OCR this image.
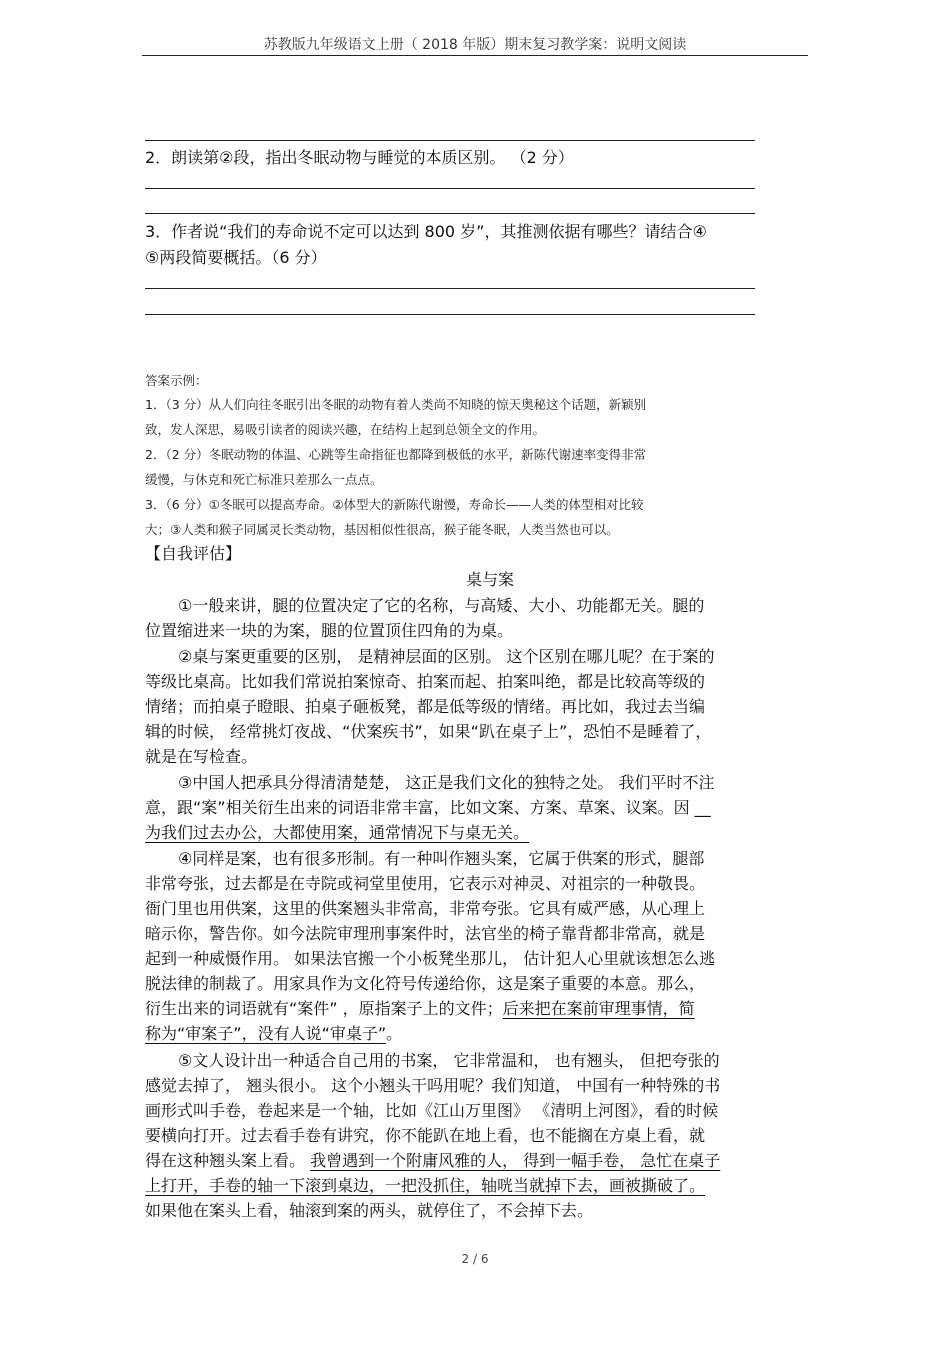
苏教版九年级语文上册（ 2018 年版）期末复习教学案：说明文阅读
2．朗读第②段，指出冬眠动物与睡觉的本质区别。 （2 分）
3．作者说“我们的寿命说不定可以达到 800 岁”，其推测依据有哪些？请结合④
⑤两段简要概括。（6 分）
答案示例：
1．（3 分）从人们向往冬眠引出冬眠的动物有着人类尚不知晓的惊天奥秘这个话题，新颖别
致，发人深思，易吸引读者的阅读兴趣，在结构上起到总领全文的作用。
2．（2 分）冬眠动物的体温、心跳等生命指征也都降到极低的水平，新陈代谢速率变得非常
缓慢，与休克和死亡标准只差那么一点点。
3．（6 分）①冬眠可以提高寿命。②体型大的新陈代谢慢，寿命长——人类的体型相对比较
大；③人类和猴子同属灵长类动物，基因相似性很高，猴子能冬眠，人类当然也可以。
【自我评估】
桌与案
①一般来讲，腿的位置决定了它的名称，与高矮、大小、功能都无关。腿的
位置缩进来一块的为案，腿的位置顶住四角的为桌。
②桌与案更重要的区别， 是精神层面的区别。 这个区别在哪儿呢？在于案的
等级比桌高。比如我们常说拍案惊奇、拍案而起、拍案叫绝，都是比较高等级的
情绪；而拍桌子瞪眼、拍桌子砸板凳，都是低等级的情绪。再比如，我过去当编
辑的时候， 经常挑灯夜战、“伏案疾书”，如果“趴在桌子上”，恐怕不是睡着了，
就是在写检查。
③中国人把承具分得清清楚楚， 这正是我们文化的独特之处。 我们平时不注
意，跟“案”相关衍生出来的词语非常丰富，比如文案、方案、草案、议案。因 __
为我们过去办公，大都使用案，通常情况下与桌无关。
④同样是案，也有很多形制。有一种叫作翘头案，它属于供案的形式，腿部
非常夸张，过去都是在寺院或祠堂里使用，它表示对神灵、对祖宗的一种敬畏。
衙门里也用供案，这里的供案翘头非常高，非常夸张。它具有威严感，从心理上
暗示你，警告你。如今法院审理刑事案件时，法官坐的椅子靠背都非常高，就是
起到一种威慑作用。 如果法官搬一个小板凳坐那儿， 估计犯人心里就该想怎么逃
脱法律的制裁了。用家具作为文化符号传递给你，这是案子重要的本意。那么，
衍生出来的词语就有“案件” ，原指案子上的文件；后来把在案前审理事情，简
称为“审案子”，没有人说“审桌子”。
⑤文人设计出一种适合自己用的书案， 它非常温和， 也有翘头， 但把夸张的
感觉去掉了， 翘头很小。 这个小翘头干吗用呢？我们知道， 中国有一种特殊的书
画形式叫手卷，卷起来是一个轴，比如《江山万里图》 《清明上河图》，看的时候
要横向打开。过去看手卷有讲究，你不能趴在地上看，也不能搁在方桌上看，就
得在这种翘头案上看。 我曾遇到一个附庸风雅的人， 得到一幅手卷， 急忙在桌子
上打开，手卷的轴一下滚到桌边，一把没抓住，轴咣当就掉下去，画被撕破了。
如果他在案头上看，轴滚到案的两头，就停住了，不会掉下去。
2 / 6
